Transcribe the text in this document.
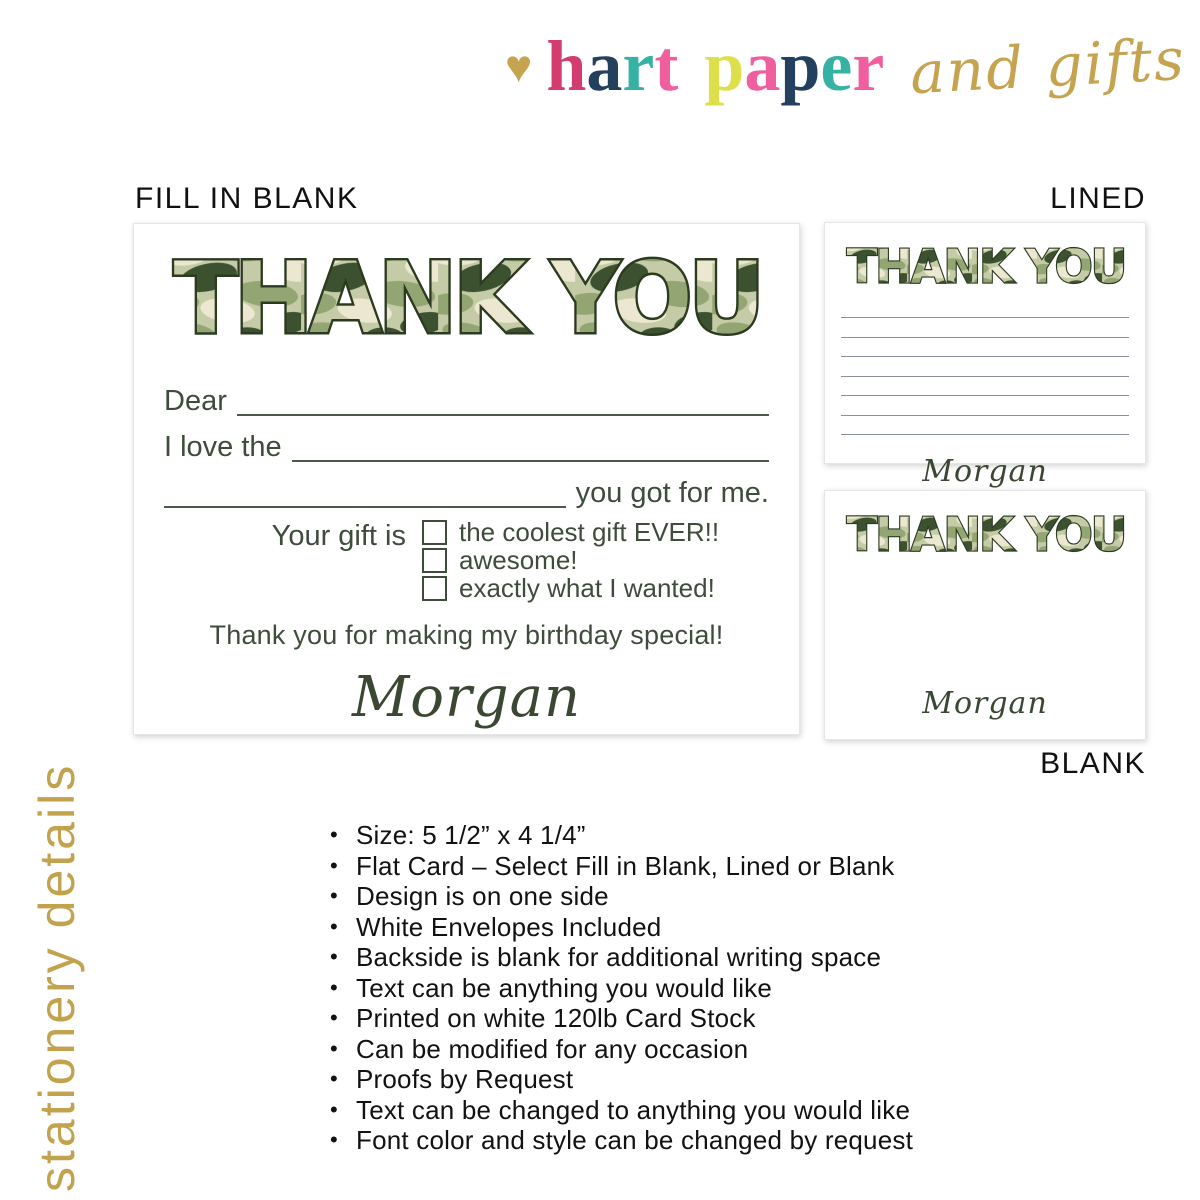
♥ hart paper and gifts
FILL IN BLANK	LINED
BLANK
THANK YOU
Dear
I love the
you got for me.
Your gift is	the coolest gift EVER!!
awesome!
exactly what I wanted!
Thank you for making my birthday special!
Morgan
THANK YOU
Morgan
THANK YOU
Morgan
stationery details	• Size: 5 1/2” x 4 1/4”
• Flat Card – Select Fill in Blank, Lined or Blank
• Design is on one side
• White Envelopes Included
• Backside is blank for additional writing space
• Text can be anything you would like
• Printed on white 120lb Card Stock
• Can be modified for any occasion
• Proofs by Request
• Text can be changed to anything you would like
• Font color and style can be changed by request
